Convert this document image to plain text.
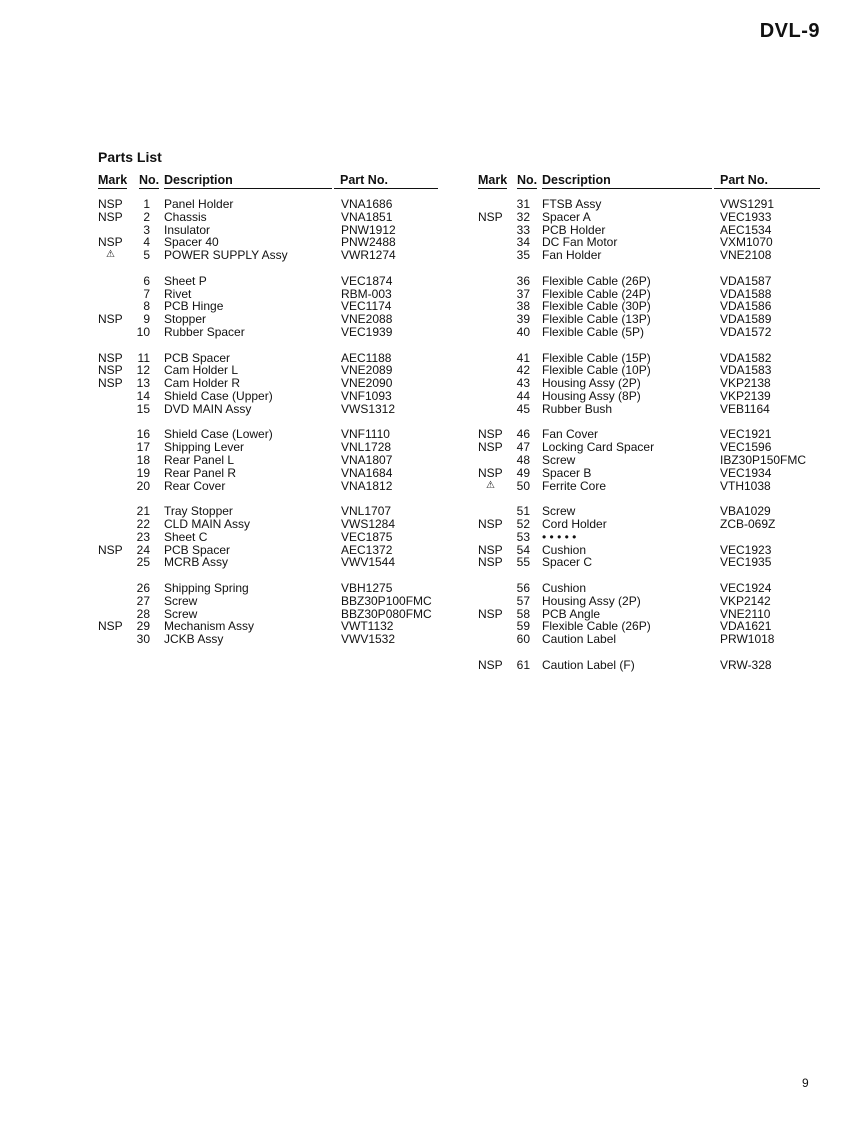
DVL-9
Parts List
Mark No. Description	Part No.
NSP	1 Panel Holder	VNA1686
NSP	2 Chassis	VNA1851
3 Insulator	PNW1912
NSP	4 Spacer 40	PNW2488
⚠	5 POWER SUPPLY Assy	VWR1274
6 Sheet P	VEC1874
7 Rivet	RBM-003
8 PCB Hinge	VEC1174
NSP	9 Stopper	VNE2088
10 Rubber Spacer	VEC1939
NSP	11 PCB Spacer	AEC1188
NSP	12 Cam Holder L	VNE2089
NSP	13 Cam Holder R	VNE2090
14 Shield Case (Upper)	VNF1093
15 DVD MAIN Assy	VWS1312
16 Shield Case (Lower)	VNF1110
17 Shipping Lever	VNL1728
18 Rear Panel L	VNA1807
19 Rear Panel R	VNA1684
20 Rear Cover	VNA1812
21 Tray Stopper	VNL1707
22 CLD MAIN Assy	VWS1284
23 Sheet C	VEC1875
NSP	24 PCB Spacer	AEC1372
25 MCRB Assy	VWV1544
26 Shipping Spring	VBH1275
27 Screw	BBZ30P100FMC
28 Screw	BBZ30P080FMC
NSP	29 Mechanism Assy	VWT1132
30 JCKB Assy	VWV1532
Mark No. Description	Part No.
31 FTSB Assy	VWS1291
NSP	32 Spacer A	VEC1933
33 PCB Holder	AEC1534
34 DC Fan Motor	VXM1070
35 Fan Holder	VNE2108
36 Flexible Cable (26P)	VDA1587
37 Flexible Cable (24P)	VDA1588
38 Flexible Cable (30P)	VDA1586
39 Flexible Cable (13P)	VDA1589
40 Flexible Cable (5P)	VDA1572
41 Flexible Cable (15P)	VDA1582
42 Flexible Cable (10P)	VDA1583
43 Housing Assy (2P)	VKP2138
44 Housing Assy (8P)	VKP2139
45 Rubber Bush	VEB1164
NSP	46 Fan Cover	VEC1921
NSP	47 Locking Card Spacer	VEC1596
48 Screw	IBZ30P150FMC
NSP	49 Spacer B	VEC1934
⚠	50 Ferrite Core	VTH1038
51 Screw	VBA1029
NSP	52 Cord Holder	ZCB-069Z
53 • • • • •
NSP	54 Cushion	VEC1923
NSP	55 Spacer C	VEC1935
56 Cushion	VEC1924
57 Housing Assy (2P)	VKP2142
NSP	58 PCB Angle	VNE2110
59 Flexible Cable (26P)	VDA1621
60 Caution Label	PRW1018
NSP	61 Caution Label (F)	VRW-328
9
